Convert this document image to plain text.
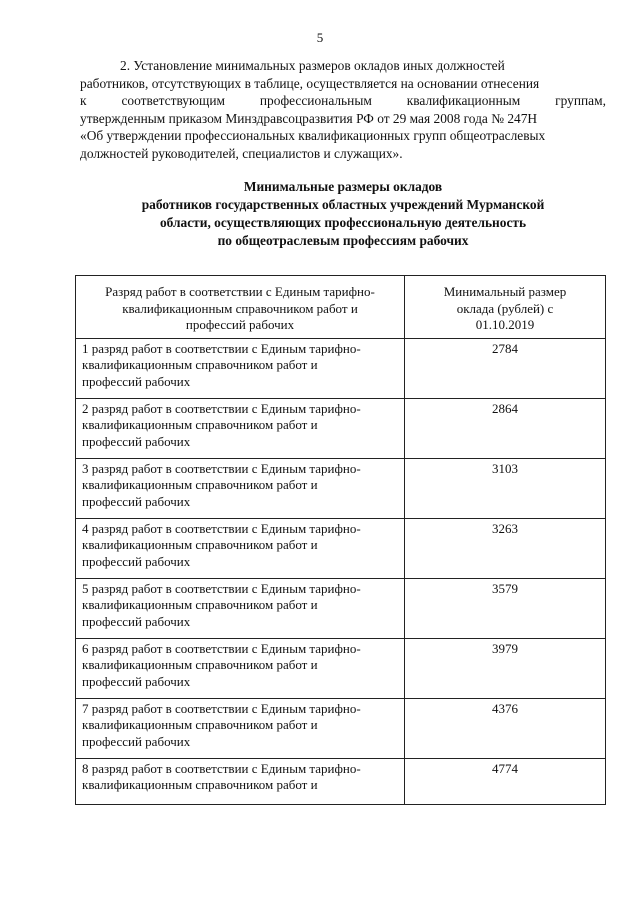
5
2. Установление минимальных размеров окладов иных должностей
работников, отсутствующих в таблице, осуществляется на основании отнесения
к	соответствующим	профессиональным	квалификационным	группам,
утвержденным приказом Минздравсоцразвития РФ от 29 мая 2008 года № 247Н
«Об утверждении профессиональных квалификационных групп общеотраслевых
должностей руководителей, специалистов и служащих».
Минимальные размеры окладов
работников государственных областных учреждений Мурманской
области, осуществляющих профессиональную деятельность
по общеотраслевым профессиям рабочих
Разряд работ в соответствии с Единым тарифно-
квалификационным справочником работ и
профессий рабочих	Минимальный размер
оклада (рублей) с
01.10.2019

1 разряд работ в соответствии с Единым тарифно-
квалификационным справочником работ и
профессий рабочих	2784

2 разряд работ в соответствии с Единым тарифно-
квалификационным справочником работ и
профессий рабочих	2864

3 разряд работ в соответствии с Единым тарифно-
квалификационным справочником работ и
профессий рабочих	3103

4 разряд работ в соответствии с Единым тарифно-
квалификационным справочником работ и
профессий рабочих	3263

5 разряд работ в соответствии с Единым тарифно-
квалификационным справочником работ и
профессий рабочих	3579

6 разряд работ в соответствии с Единым тарифно-
квалификационным справочником работ и
профессий рабочих	3979

7 разряд работ в соответствии с Единым тарифно-
квалификационным справочником работ и
профессий рабочих	4376

8 разряд работ в соответствии с Единым тарифно-
квалификационным справочником работ и	4774
